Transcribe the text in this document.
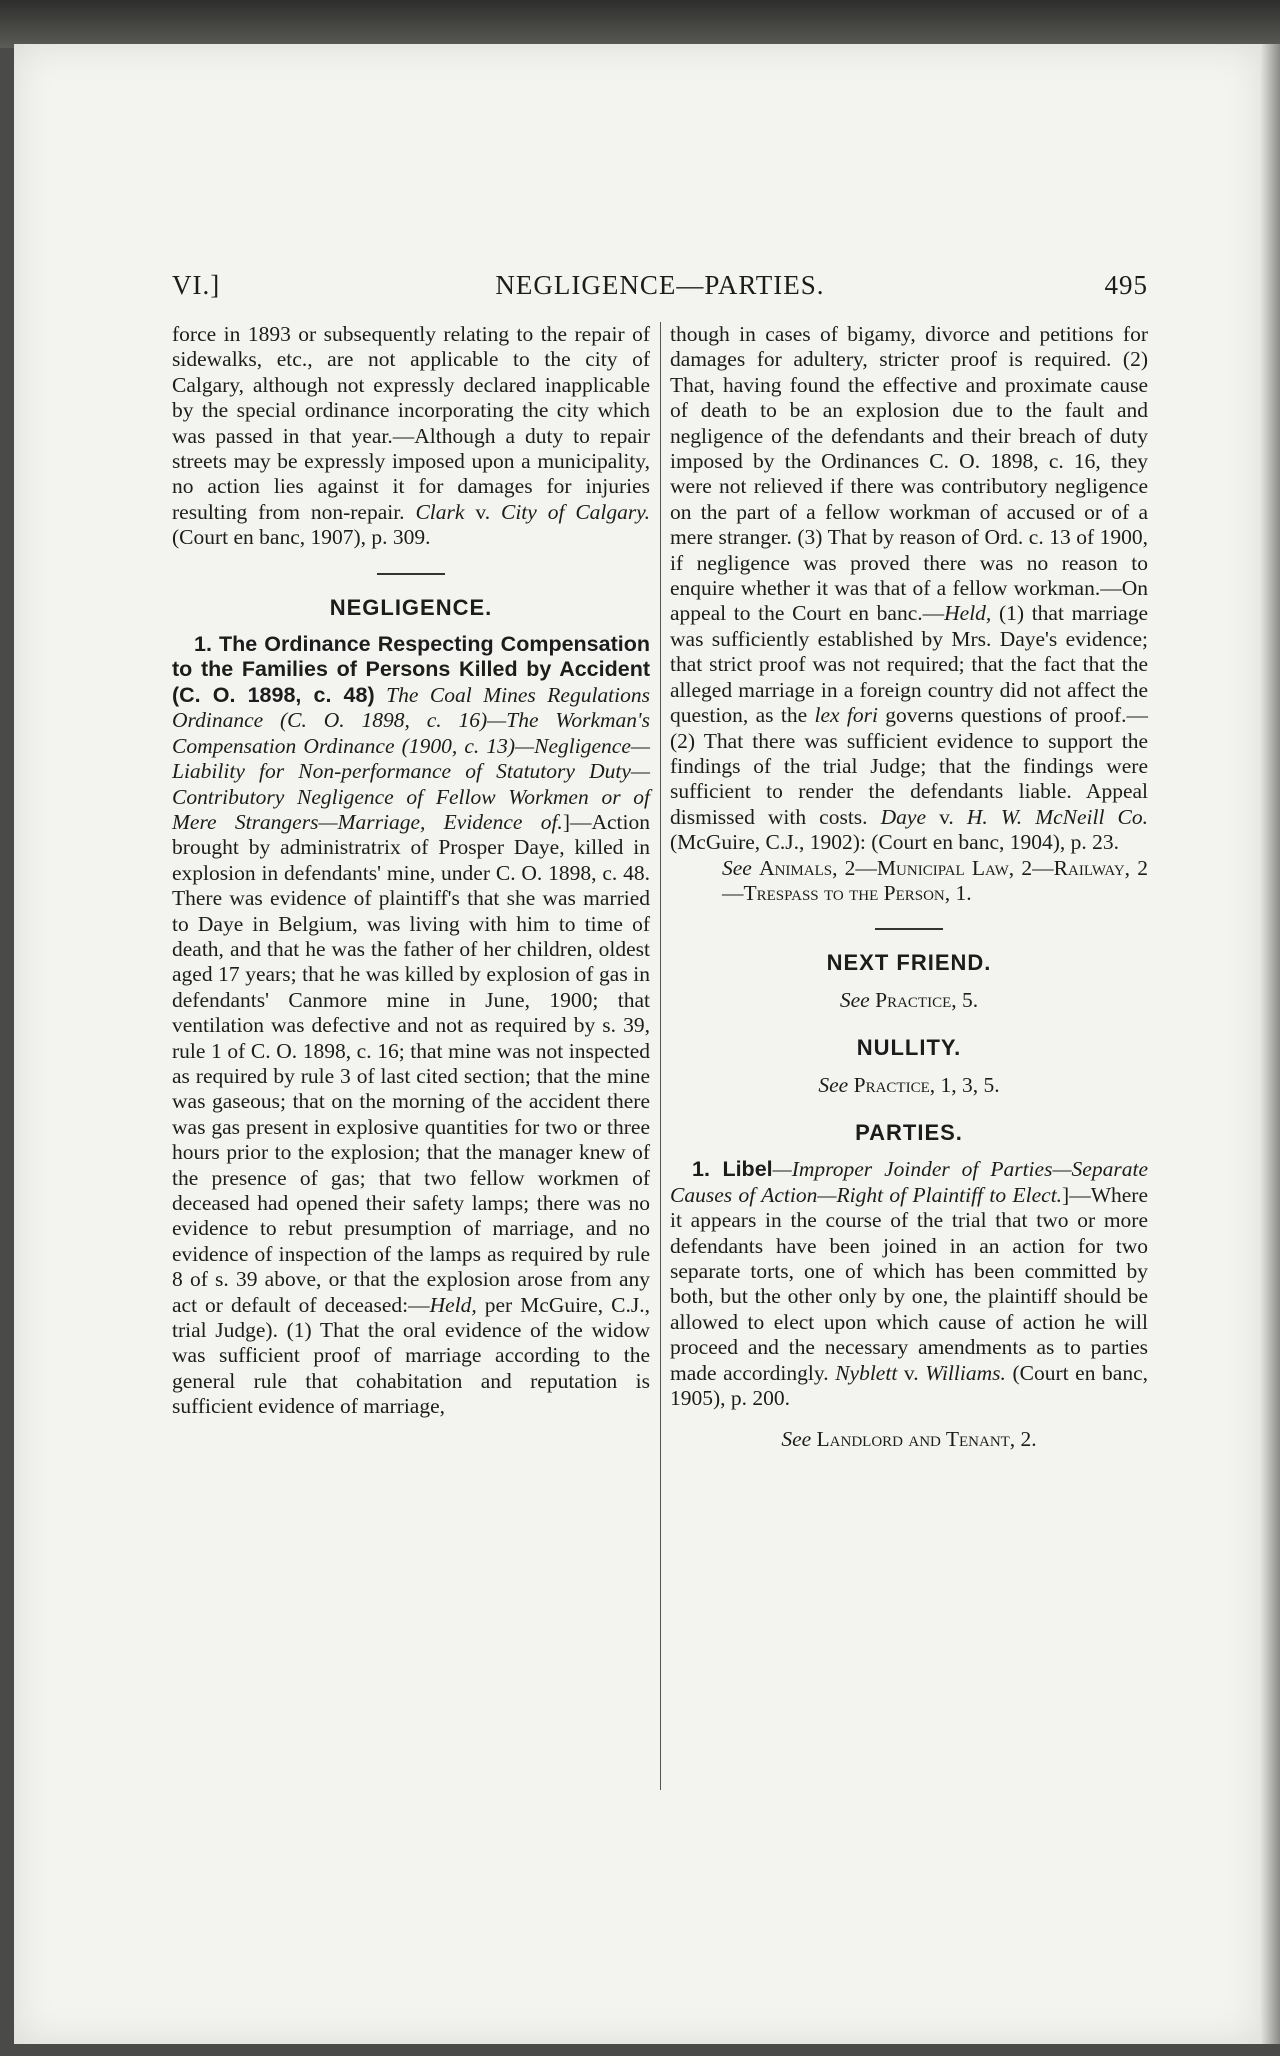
VI.]	NEGLIGENCE—PARTIES.	495

force in 1893 or subsequently relating to the repair of sidewalks, etc., are not applicable to the city of Calgary, although not expressly declared inapplicable by the special ordinance incorporating the city which was passed in that year.—Although a duty to repair streets may be expressly imposed upon a municipality, no action lies against it for damages for injuries resulting from non-repair. Clark v. City of Calgary. (Court en banc, 1907), p. 309.

NEGLIGENCE.

1. The Ordinance Respecting Compensation to the Families of Persons Killed by Accident (C. O. 1898, c. 48) The Coal Mines Regulations Ordinance (C. O. 1898, c. 16)—The Workman's Compensation Ordinance (1900, c. 13)—Negligence—Liability for Non-performance of Statutory Duty—Contributory Negligence of Fellow Workmen or of Mere Strangers—Marriage, Evidence of.]—Action brought by administratrix of Prosper Daye, killed in explosion in defendants' mine, under C. O. 1898, c. 48. There was evidence of plaintiff's that she was married to Daye in Belgium, was living with him to time of death, and that he was the father of her children, oldest aged 17 years; that he was killed by explosion of gas in defendants' Canmore mine in June, 1900; that ventilation was defective and not as required by s. 39, rule 1 of C. O. 1898, c. 16; that mine was not inspected as required by rule 3 of last cited section; that the mine was gaseous; that on the morning of the accident there was gas present in explosive quantities for two or three hours prior to the explosion; that the manager knew of the presence of gas; that two fellow workmen of deceased had opened their safety lamps; there was no evidence to rebut presumption of marriage, and no evidence of inspection of the lamps as required by rule 8 of s. 39 above, or that the explosion arose from any act or default of deceased:—Held, per McGuire, C.J., trial Judge). (1) That the oral evidence of the widow was sufficient proof of marriage according to the general rule that cohabitation and reputation is sufficient evidence of marriage,

though in cases of bigamy, divorce and petitions for damages for adultery, stricter proof is required. (2) That, having found the effective and proximate cause of death to be an explosion due to the fault and negligence of the defendants and their breach of duty imposed by the Ordinances C. O. 1898, c. 16, they were not relieved if there was contributory negligence on the part of a fellow workman of accused or of a mere stranger. (3) That by reason of Ord. c. 13 of 1900, if negligence was proved there was no reason to enquire whether it was that of a fellow workman.—On appeal to the Court en banc.—Held, (1) that marriage was sufficiently established by Mrs. Daye's evidence; that strict proof was not required; that the fact that the alleged marriage in a foreign country did not affect the question, as the lex fori governs questions of proof.— (2) That there was sufficient evidence to support the findings of the trial Judge; that the findings were sufficient to render the defendants liable. Appeal dismissed with costs. Daye v. H. W. McNeill Co. (McGuire, C.J., 1902): (Court en banc, 1904), p. 23.

See Animals, 2—Municipal Law, 2—Railway, 2—Trespass to the Person, 1.

NEXT FRIEND.

See Practice, 5.

NULLITY.

See Practice, 1, 3, 5.

PARTIES.

1. Libel—Improper Joinder of Parties—Separate Causes of Action—Right of Plaintiff to Elect.]—Where it appears in the course of the trial that two or more defendants have been joined in an action for two separate torts, one of which has been committed by both, but the other only by one, the plaintiff should be allowed to elect upon which cause of action he will proceed and the necessary amendments as to parties made accordingly. Nyblett v. Williams. (Court en banc, 1905), p. 200.

See Landlord and Tenant, 2.
